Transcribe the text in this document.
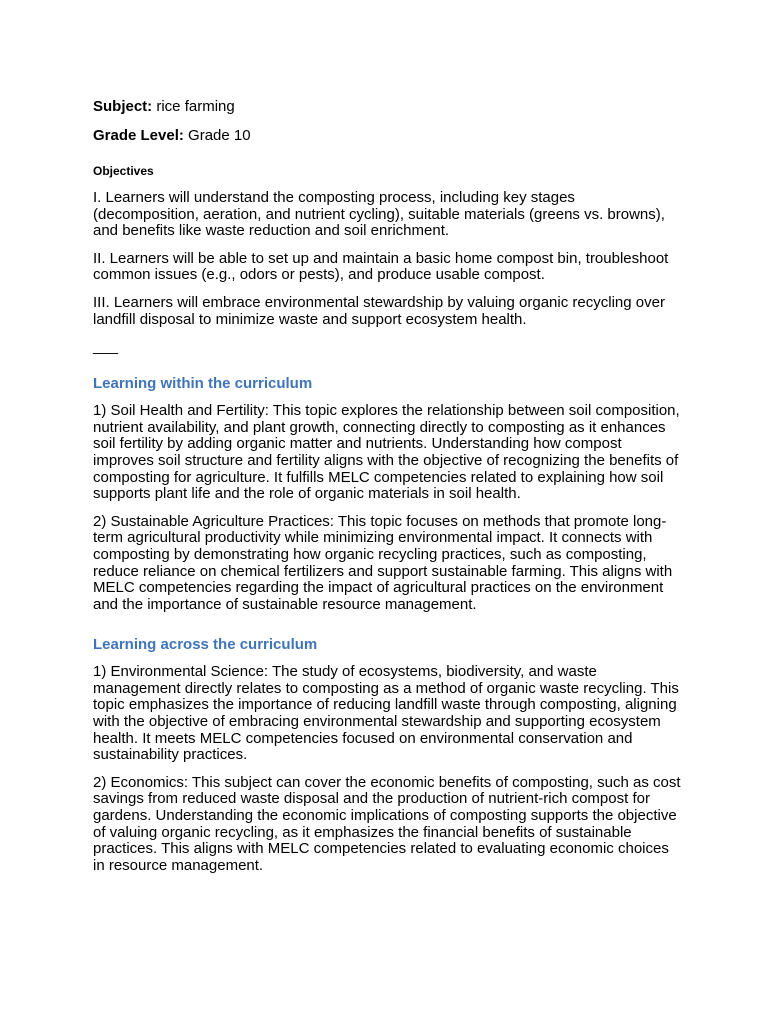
Subject: rice farming

Grade Level: Grade 10

Objectives

I. Learners will understand the composting process, including key stages (decomposition, aeration, and nutrient cycling), suitable materials (greens vs. browns), and benefits like waste reduction and soil enrichment.

II. Learners will be able to set up and maintain a basic home compost bin, troubleshoot common issues (e.g., odors or pests), and produce usable compost.

III. Learners will embrace environmental stewardship by valuing organic recycling over landfill disposal to minimize waste and support ecosystem health.

___
Learning within the curriculum

1) Soil Health and Fertility: This topic explores the relationship between soil composition, nutrient availability, and plant growth, connecting directly to composting as it enhances soil fertility by adding organic matter and nutrients. Understanding how compost improves soil structure and fertility aligns with the objective of recognizing the benefits of composting for agriculture. It fulfills MELC competencies related to explaining how soil supports plant life and the role of organic materials in soil health.

2) Sustainable Agriculture Practices: This topic focuses on methods that promote long-term agricultural productivity while minimizing environmental impact. It connects with composting by demonstrating how organic recycling practices, such as composting, reduce reliance on chemical fertilizers and support sustainable farming. This aligns with MELC competencies regarding the impact of agricultural practices on the environment and the importance of sustainable resource management.

Learning across the curriculum

1) Environmental Science: The study of ecosystems, biodiversity, and waste management directly relates to composting as a method of organic waste recycling. This topic emphasizes the importance of reducing landfill waste through composting, aligning with the objective of embracing environmental stewardship and supporting ecosystem health. It meets MELC competencies focused on environmental conservation and sustainability practices.

2) Economics: This subject can cover the economic benefits of composting, such as cost savings from reduced waste disposal and the production of nutrient-rich compost for gardens. Understanding the economic implications of composting supports the objective of valuing organic recycling, as it emphasizes the financial benefits of sustainable practices. This aligns with MELC competencies related to evaluating economic choices in resource management.
